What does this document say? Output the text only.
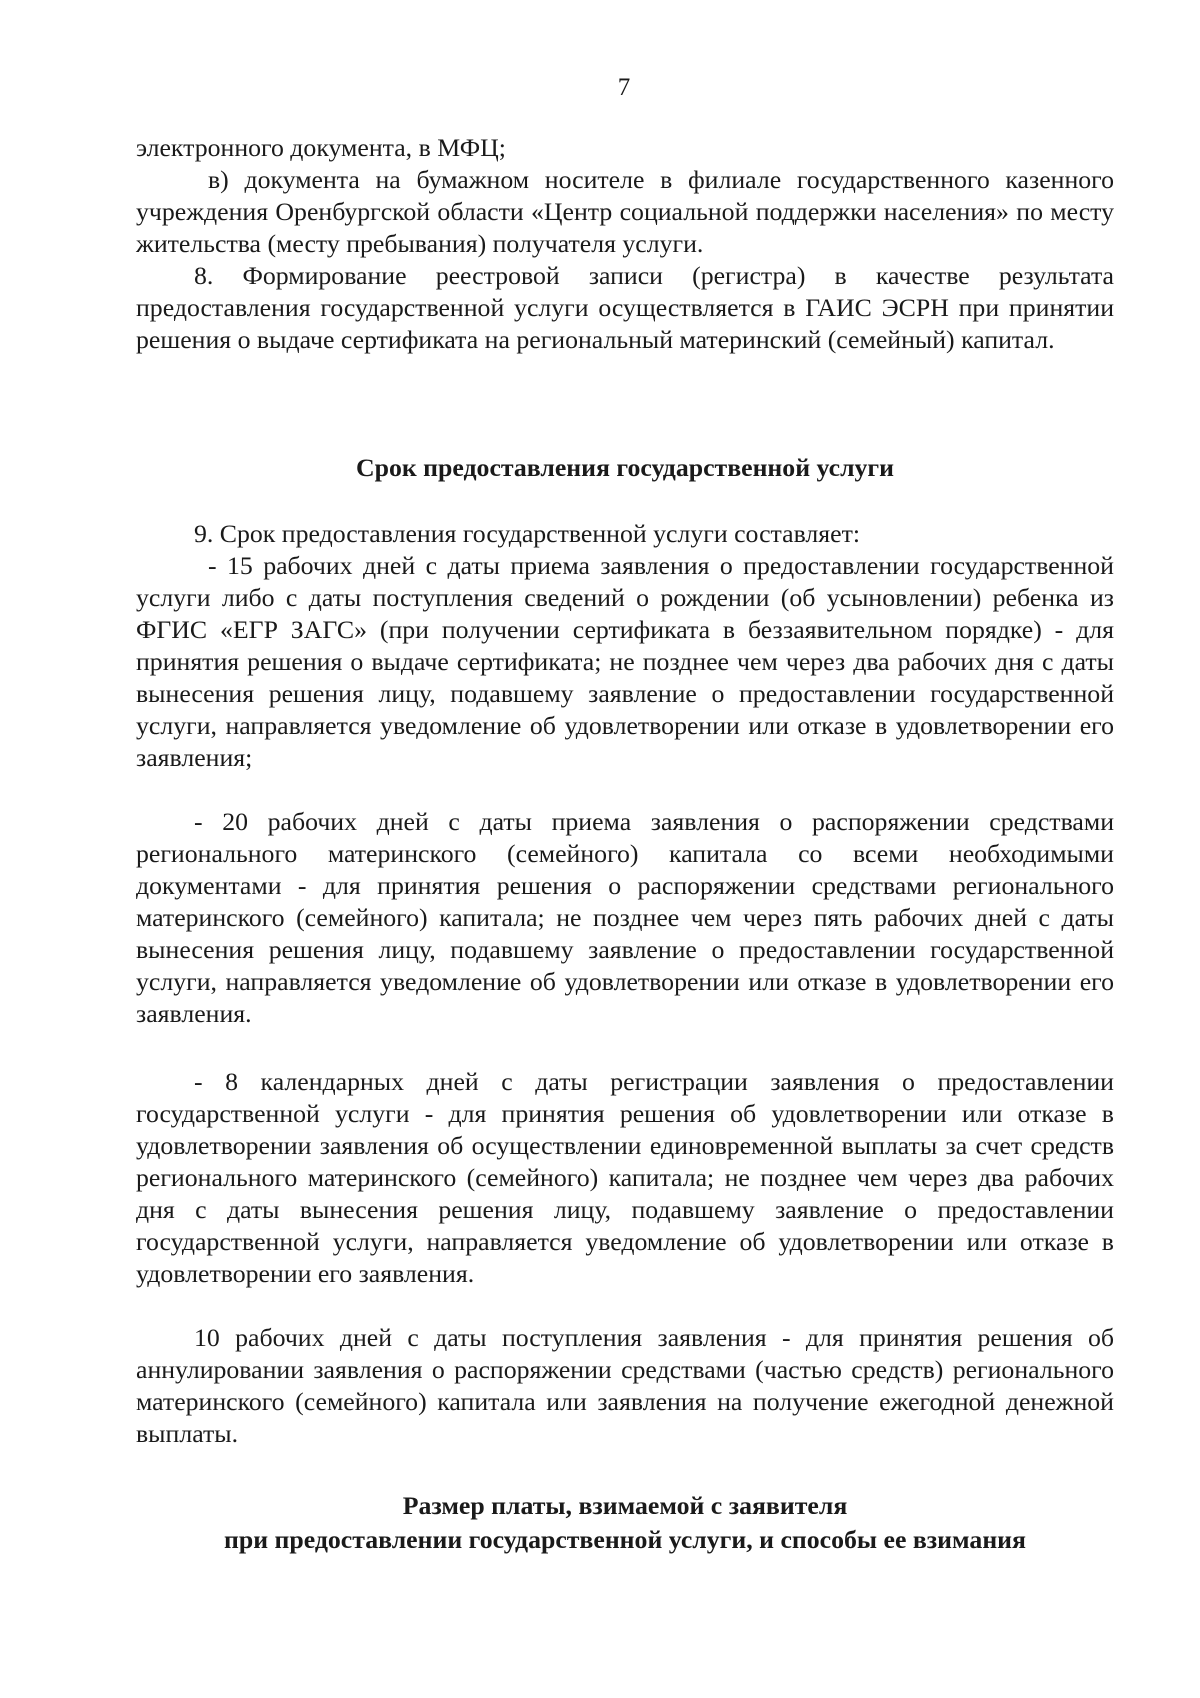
7

электронного документа, в МФЦ;

в) документа на бумажном носителе в филиале государственного казенного учреждения Оренбургской области «Центр социальной поддержки населения» по месту жительства (месту пребывания) получателя услуги.

8. Формирование реестровой записи (регистра) в качестве результата предоставления государственной услуги осуществляется в ГАИС ЭСРН при принятии решения о выдаче сертификата на региональный материнский (семейный) капитал.

Срок предоставления государственной услуги

9. Срок предоставления государственной услуги составляет:

- 15 рабочих дней с даты приема заявления о предоставлении государственной услуги либо с даты поступления сведений о рождении (об усыновлении) ребенка из ФГИС «ЕГР ЗАГС» (при получении сертификата в беззаявительном порядке) - для принятия решения о выдаче сертификата; не позднее чем через два рабочих дня с даты вынесения решения лицу, подавшему заявление о предоставлении государственной услуги, направляется уведомление об удовлетворении или отказе в удовлетворении его заявления;

- 20 рабочих дней с даты приема заявления о распоряжении средствами регионального материнского (семейного) капитала со всеми необходимыми документами - для принятия решения о распоряжении средствами регионального материнского (семейного) капитала; не позднее чем через пять рабочих дней с даты вынесения решения лицу, подавшему заявление о предоставлении государственной услуги, направляется уведомление об удовлетворении или отказе в удовлетворении его заявления.

- 8 календарных дней с даты регистрации заявления о предоставлении государственной услуги - для принятия решения об удовлетворении или отказе в удовлетворении заявления об осуществлении единовременной выплаты за счет средств регионального материнского (семейного) капитала; не позднее чем через два рабочих дня с даты вынесения решения лицу, подавшему заявление о предоставлении государственной услуги, направляется уведомление об удовлетворении или отказе в удовлетворении его заявления.

10 рабочих дней с даты поступления заявления - для принятия решения об аннулировании заявления о распоряжении средствами (частью средств) регионального материнского (семейного) капитала или заявления на получение ежегодной денежной выплаты.

Размер платы, взимаемой с заявителя
при предоставлении государственной услуги, и способы ее взимания
